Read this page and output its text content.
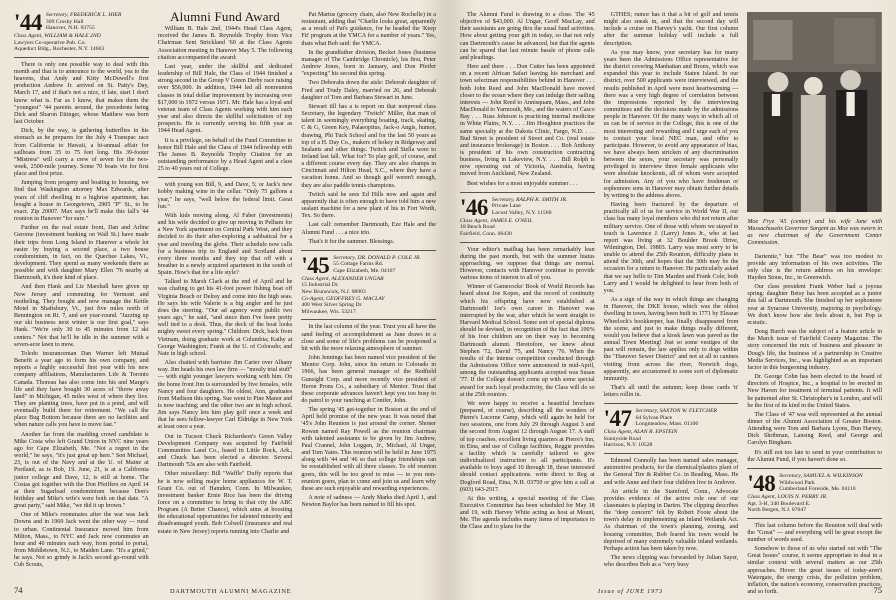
'44 Secretary, FREDERICK L. HIER
309 Crosby Hall
Hanover, N.H. 03755
Class Agent, WILLIAM & HALE 2ND
Lawyers Co-operative Pub. Co.
Aqueduct Bldg., Rochester, N.Y. 14603

There is only one possible way to deal with this month and that is to announce to the world, yea to the heavens, that Andy and Kitty McDowell's first production Andrew Jr. arrived on St. Patty's Day, March 17, and if that's not a nice, if late, start I don't know what is. Far as I know, that makes them the "youngest" '44 parents around, the precedents being Dick and Sharon Ettinger, whose Matthew was born last October.

Dick, by the way, is gathering butterflies in his stomach as he prepares for the July 4 Transpac race from California to Hawaii, a bi-annual affair for sailboats from 35 to 75 feet long. His 39-footer "Mistress" will carry a crew of seven for the two-week, 2500-mile journey. Some 70 boats vie for first place and first prize.

Jumping from progeny and boating to housing, we find that Washington attorney Max Edwards, after years of cliff dwelling in a highrise apartment, has bought a house in Georgetown, 2905 "P" St., to be exact. Zip 20007. Max says he'll make this fall's '44 reunion in Hanover "for sure."

Further on the real estate front, Dan and Arline Gerome (investment banking on Wall St.) have made their trips from Long Island to Hanover a whole lot easier by buying a second place, a two house condominium, in fact, on the Quechee Lakes, Vt., development. They spend as many weekends there as possible and with daughter Mary Ellen '76 nearby at Dartmouth, it's their kind of place.

And then Hank and Liz Marshall have given up New Jersey and commuting for Vermont and motheling. They bought and now manage the Kettle Motel in Shaftsbury, Vt., just five miles north of Bennington on Rt. 7, and are year-round. "Jazzing up our ski business next winter is our first goal," says Hank. "We're only 30 to 45 minutes from 12 ski centers." Not that he'll be idle in the summer with a seven-acre lawn to mow.

Toledo insuranceman Dan Warner left Mutual Benefit a year ago to form his own company, and reports a highly successful first year with his new company affiliations, Manufacturers Life & Toronto Canada. Thoreau has also come into his and Marge's life and they have bought 30 acres of "throw away land" in Michigan, 45 miles west of where they live. They are planting trees, have put in a pond, and will eventually build there for retirement. "We call the place Bug Bottom because there are no facilities and when nature calls you have to move fast."

Another far from the madding crowd candidate is Mike Costa who left Grand Union in NYC nine years ago for Cape Elizabeth, Me. "Not a regret in the world," he says, "it's just great up here." Son Michael, 23, is out of the Navy and at the U. of Maine at Portland, as is Bob, 19. June, 21, is at a California junior college and Dave, 12, is still at home. The Costas got together with the Don Pfeiffers on April 14 at their Sugarload condominium because Don's birthday and Mike's wife's were both on that date. "A great party," said Mike, "we did it up brown."

One of Mike's roommates after the war was Jack Downs and in 1960 Jack went the other way — rural to urban. Continental Insurance moved him from Milton, Mass., to NYC and Jack now commutes an hour and 40 minutes each way, from portal to portal, from Middletown, N.J., to Maiden Lane. "It's a grind," he says. Not so grindy is Jack's second go-round with Cub Scouts,

Alumni Fund Award

William B. Hale 2nd, 1944's Head Class Agent, received the James B. Reynolds Trophy from Vice Chairman Sent Strickland '60 at the Class Agents Association meeting in Hanover May 5. The following citation accompanied the award:

Last year, under the skillful and dedicated leadership of Bill Hale, the Class of 1944 finished a strong second in the Group V Green Derby race raising over $56,000. In addition, 1944 led all nonreunion classes in total dollar improvement by increasing over $17,000 in 1972 versus 1971. Mr. Hale has a loyal and veteran team of Class Agents working with him each year and also directs the skillful solicitation of top prospects. He is currently serving his fifth year as 1944 Head Agent.

It is a privilege, on behalf of the Fund Committee to honor Bill Hale and the Class of 1944 fellowship with The James B. Reynolds Trophy Citation for an outstanding performance by a Head Agent and a class 25 to 40 years out of College.

with young son Bill, 9, and Dave, 5; or Jack's new hobby making wine in the cellar. "Only 75 gallons a year," he says, "well below the federal limit. Great fun."

With kids moving along, Al Faber (investments) and his wife decided to give up moving in Pelham for a New York apartment on Central Park West, and they decided to do their after-exploring a sabbatical for a year and traveling the globe. Their schedule now calls for a business trip to England and Scotland about every three months and they top that off with a breather in a newly acquired apartment in the south of Spain. How's that for a life style?

Talked to Marsh Clark at the end of April and he was chafing to get his 41-foot power fishing boat off Virginia Beach or Delray and come into the high seas. He says his wife Valerie is a big angler and he just does the steering. "Our ad agency went public two years ago," he said, "and since then I've been pretty well tied to a desk. Thus, the deck of the boat looks mighty sweet every spring." Children: Dick, back from Vietnam, doing graduate work at Columbia; Kathy at George Washington; Frank at the U. of Colorado; and Nate in high school.

Also chatted with barrister Jim Carter over Albany way. Jim heads his own law firm — "mostly trial stuff" — with eight younger lawyers working with him. On the home front Jim is surrounded by five females, wife Nancy and four daughters. He oldest, Ann, graduates from Madison this spring. Sue went to Pine Manor and is now teaching; and the other two are in high school. Jim says Nancy lets him play golf once a week and that he sees fellow-lawyer Carl Eldridge in New York at least once a year.

Out in Tucson Chuck Richardson's Green Valley Development Company was acquired by Fairfield Communities Land Co., based in Little Rock, Ark., and Chuck has been elected a director. Several Dartmouth '53s are also with Fairfield.

Other miscellany: Bill "Waffle" Duffy reports that he is now selling major home appliances for W. T. Grant Co. out of Hamden, Conn. In Milwaukee, investment banker Ernie Rice has been the driving force on a committee to bring to that city the ABC Program (A Better Chance), which aims at boosting the educational opportunities for talented minority and disadvantaged youth. Bob Colwell (insurance and real estate in New Jersey) reports running into Charlie and

Pat Martus (grocery chain, also New Rochelle) in a restaurant, adding that "Charlie looks great, apparently as a result of Pat's guidance, for he headed the 'Keep Fit' program at the YMCA for a number of years." Yes, thats what Bob said: the YMCA.

In the grandfather division, Becket Jones (business manager of The Cambridge Chronicle), his first, Peter Andrew Jones, born in January, and Don Pfeifer "expecting" his second this spring.

Two Deborahs down the aisle: Deborah daughter of Fred and Trudy Daley, married on 26, and Deborah daughter of Tom and Barbara Stewart in June.

Stewart till has a is report on that nonproud class Secretary, the legendary "Twitch" Miller, that man of talent in seemingly everything boating, track, skating, C & G, Green Key, Palaeopitus, Jack-o Angis, humor, drawing, Phi Tuck School and for the last 50 years as top of a H. Day Co., makers of hokey in Ridgeway and Sealants and other things. Twitch and Stella were to Ireland last fall. What for? To play golf, of course, and a different course every day. They are also champs in Cincinnati and Hilton Head, S.C., where they have a vacation home. And so though golf weren't enough, they are also paddle tennis champions.

Twitch said he sees Ed Hills now and again and apparently that is often enough to have told him a new sealant machine for a new plant of his in Fort Worth, Tex. So there.

Last call: remember Dartmouth, Eze Hale and the Alumni Fund . . . a nice trio.

That's it for the summer. Blessings.

'45 Secretary, DR. DONALD P. COLE JR.
55 Cottage Farms Rd.
Cape Elizabeth, Me. 04107
Class Agent, ALEXANDER UNGAR
15 Industrial Dr.
New Brunswick, N.J. 08903
Co-Agent, GEOFFREY G. MACLAY
400 West Silver Spring Dr.
Milwaukee, Wis. 53217

In the last column of the year. Trust you all have the sand feeling of accomplishment as June draws to a close and some of life's problems can be postponed a bit with the more relaxing atmosphere of summer.

John Jennings has been named vice president of the Mentor Corp. John, since his return to Colorado in 1966, has been general manager of the Redfield Gunsight Corp. and more recently vice president of Heron Prons Co., a subsidiary of Mentor. Trust that these corporate advances haven't kept you too busy to do patrol to your ranching at Conifer, John.

The spring '45 get-together in Boston at the end of April held promise of the new year. It was noted that '45's John Reunion is just around the corner. Shoner Rowan named Ray Powell as the reunion chairman with talented assistants to be given by Jim Andrew, Paul Crannel, John Loggan, Jr., Michael, Al Ungar, and Tom Yates. This reunion will be held in June 1975 along with '44 and '46 so that college friendships can be reestablished with all three classes. To old reunion goers, this will be too good to miss — to you non-reunion goers, plan to come and join us and learn why these are such enjoyable and rewarding experiences.

A note of sadness — Andy Marks died April 1, and Newton Baylor has been named to fill his spot.

74	DARTMOUTH ALUMNI MAGAZINE

The Alumni Fund is drawing to a close. The '45 objective of $43,000. Al Ungar, Geoff MacLay, and their assistants are going thru the usual fund activities. How about getting your gift in today, so that not only can Dartmouth's cause be advanced, but that the agents can be spared that last minute hassle of phone calls and pleadings.

Here and there . . . Don Cutter has been appointed on a recent African Safari leaving his merchant and town selectman responsibilities behind in Hanover . . . both John Reed and John MacDonald have moved closer to the ocean where they can indulge their sailing interests — John Reed to Annisquam, Mass., and John MacDonald to Yarmouth, Me., and the waters of Casco Bay . . . Russ Johnson is practicing internal medicine in White Plains, N.Y. . . . Jim Houghton practices the same specialty at the Dakota Clinic, Fargo, N.D. . . . Bud Street is president of Street and Co. (real estate and insurance brokerage) in Boston . . . Bob Anthony is president of his own construction contracting business, living in Lakeview, N.Y. . . . Bill Rolph is now operating out of Victoria, Australia, having moved from Auckland, New Zealand.

Best wishes for a most enjoyable summer . . .

'46 Secretary, RALPH K. SMITH JR.
Private Lane
Locust Valley, N.Y. 11560
Class Agent, JAMES E. O'NEIL
18 Beach Road
Fairfield, Conn. 06430

Your editor's mailbag has been remarkably lean during the past month, but with the summer hiatus approaching, we suppose that things are normal. However, contacts with Hanover continue to provide various items of interest to all of you.

Winner of Gamecocks' Book of World Records has heard about Joe Kopes, and the record of continuity which his offspring have now established at Dartmouth! Joe's own career in Hanover was interrupted by the war, after which he went straight to Harvard Medical School. Some sort of special diploma should be devised, in recognition of the fact that 100% of his four children are on their way to becoming Dartmouth alumni. Heretofore, we knew about Stephen '72, David '75, and Nancy '76. When the results of the intense competition conducted through the Admissions Office were announced in mid-April, among the outstanding applicants accepted was Susan '77. If the College doesn't come up with some special award for such loyal productivity, the Class will do so at the 25th reunion.

We were happy to receive a beautiful brochure (prepared, of course), describing all the wonders of Pierre's Lucerne Camp, which will again be held for two sessions, one from July 29 through August 3 and the second from August 12 through August 17. A staff of top coaches, excellent living quarters at Pierre's Inn, in Etna, and use of College facilities, Reggie provides a facility which is carefully tailored to give individualized instruction to all participants. It's available to boys aged 10 through 18, those interested should contact applications. write direct to Reg at Dogford Road, Etna, N.H. 03750 or give him a call at (603) 643-2917.

At this writing, a special meeting of the Class Executive Committee has been scheduled for May 18 and 19, with Harvey White acting as host at Mount, Me. The agenda includes many items of importance to the Class and to plans for the

GTHES; rumor has it that a bit of golf and tennis might also sneak in, and that the second day will include a cruise on Harvey's yacht. Our first column after the summer holiday will include a full description.

As you may know, your secretary has for many years been the Admissions Office representative for the district covering Manhattan and Bronx, which was expanded this year to include Staten Island. In our district, over 500 applicants were interviewed, and the results published in April were most heartwarming — there was a very high degree of correlation between the impressions reported by the interviewing committees and the decisions made by the admissions people in Hanover. Of the many ways in which all of us can be of service to the College, this is one of the most interesting and rewarding and I urge each of you to contact your local NEC man, and offer to participate. However, to avoid any appearance of bias, we have always been stricken of any discrimination between the sexes, your secretary was personally privileged to interview three female applicants who were absolute knockouts, all of whom were accepted for admission. Any of you who have freshman or sophomore sons in Hanover may obtain further details by writing to the address above.

Having been fractured by the departure of practically all of us for service in World War II, our class has many loyal members who did not return after military service. One of those with whom we stayed in touch is Lawrence J. (Larry) Jones Jr., who at last report was living at 32 Boulder Brook Drive, Wilmington, Del. 19803. Larry was most sorry to be unable to attend the 25th Reunion, difficulty plans to attend the 30th, and hopes that the 30th may be the occasion for a return to Hanover. He particularly asked that we say hello to Tim Marden and Frank Cole; both Larry and I would be delighted to hear from both of you.

As a sign of the way in which things are changing in Hanover, the DKE house, which was the oldest dwelling in town, having been built in 1771 by Eleazar Wheelock's bookkeeper, has finally disappeared from the scene, and just to make things really different, would you believe that a kiosk lawn was paved as the annual Town Meeting! Just so some vestiges of the past will remain, the law applies only to dogs within the "Hanover Sewer District" and not at all to canines visiting from across the river, Norwich dogs, apparently, are accustomed to some sort of diplomatic immunity.

That's all until the autumn; keep those cards 'n' letters rollin in.

'47 Secretary, SAXTON W. FLETCHER
64 Sylvan Place
Longmeadow, Mass. 01106
Class Agent, ALAN R. EPSTEIN
Sunnyside Road
Harrison, N.Y. 10528

Edmond Connolly has been named sales manager, automotive products, for the chemical/plastics plant of the General Tire & Rubber Co. in Reading, Mass. He and wife Anne and their four children live in Andover.

An article in the Stamford, Conn., Advocate provides evidence of the active role one of our classmates is playing in Darien. The clipping describes the "deep concern" felt by Robert Foote about the town's delay in implementing an Inland Wetlands Act. As chairman of the town's planning, zoning, and housing committee, Bob feared his town would be deprived of many extremely valuable inland wetlands. Perhaps action has been taken by now.

The news clipping was forwarded by Julian Sayer, who describes Bob as a "very busy

Moe Frye '45 (center) and his wife Jane with Massachusetts Governor Sargent as Moe was sworn in as new chairman of the Government Center Commission.

Darientie," but "The Bear" was too modest to provide any information of his own activities. The only clue is the return address on his envelope: Hayden Stone, Inc., in Greenwich.

Our class president Frank Weber had a joyous spring: daughter Betsy has been accepted as a junior this fall at Dartmouth. She finished up her sophomore year at Syracuse University, majoring in psychology. We don't know how she feels about it, but Pop is ecstatic.

Doug Burch was the subject of a feature article in the March issue of Fairfield County Magazine. The story concerned the mix of business and pleasure in Doug's life, the business of a partnership in Creative Media Services, Inc., was highlighted as an important factor in this burgeoning industry.

Dr. George Cohn has been elected to the board of directors of Hospice, Inc., a hospital to be erected in New Haven for treatment of terminal patients. It will be patterned after St. Christopher's in London, and will be the first of its kind in the United States.

The Class of '47 was well represented at the annual dinner of the Alumni Association of Greater Boston. Attending were Tom and Barbara Lyons, Bun Harvey, Dick Shribman, Lansing Reed, and George and Carolyn Bingham.

It's still not too late to send in your contribution to the Alumni Fund, if you haven't done so.

'48 Secretary, SAMUEL A. WILKINSON
Wildwood Park
Cumberland Foreside, Me. 04110
Class Agent, LOUIS N. PERRY JR.
Apt. 3-H, 340 Boulevard E.
North Bergen, N.J. 07047

This last column before the Reunion will deal with the "Great" — and everything will be great except the number of words used.

Somehow to those of us who started out with "The Great Issues" course, it seems appropriate to deal in a similar context with several matters as our 25th approaches. Hover the great issues of today-aren't Watergate, the energy crisis, the pollution problem, inflation, the nation's economy, conservation practices, and so forth.

Issue of JUNE 1973	75
